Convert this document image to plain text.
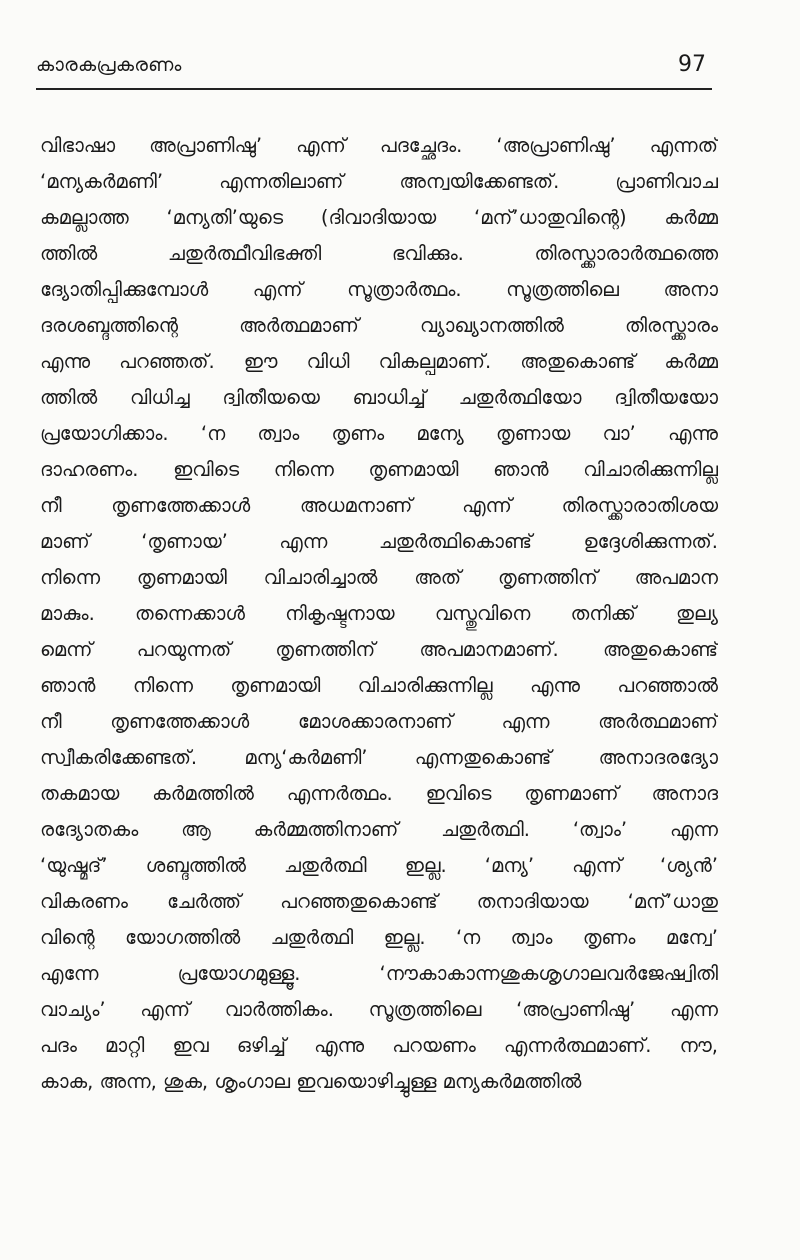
കാരകപ്രകരണം	97
വിഭാഷാ അപ്രാണിഷു’ എന്ന് പദച്ഛേദം. ‘അപ്രാണിഷു’ എന്നത്
‘മന്യകർമണി’ എന്നതിലാണ് അന്വയിക്കേണ്ടത്. പ്രാണിവാച
കമല്ലാത്ത ‘മന്യതി’യുടെ (ദിവാദിയായ ‘മന്’ധാതുവിന്റെ) കർമ്മ
ത്തിൽ ചതുർത്ഥീവിഭക്തി ഭവിക്കും. തിരസ്ക്കാരാർത്ഥത്തെ
ദ്യോതിപ്പിക്കുമ്പോൾ എന്ന് സൂത്രാർത്ഥം. സൂത്രത്തിലെ അനാ
ദരശബ്ദത്തിന്റെ അർത്ഥമാണ് വ്യാഖ്യാനത്തിൽ തിരസ്ക്കാരം
എന്നു പറഞ്ഞത്. ഈ വിധി വികല്പമാണ്. അതുകൊണ്ട് കർമ്മ
ത്തിൽ വിധിച്ച ദ്വിതീയയെ ബാധിച്ച് ചതുർത്ഥിയോ ദ്വിതീയയോ
പ്രയോഗിക്കാം. ‘ന ത്വാം തൃണം മന്യേ തൃണായ വാ’ എന്നു
ദാഹരണം. ഇവിടെ നിന്നെ തൃണമായി ഞാൻ വിചാരിക്കുന്നില്ല
നീ തൃണത്തേക്കാൾ അധമനാണ് എന്ന് തിരസ്ക്കാരാതിശയ
മാണ് ‘തൃണായ’ എന്ന ചതുർത്ഥികൊണ്ട് ഉദ്ദേശിക്കുന്നത്.
നിന്നെ തൃണമായി വിചാരിച്ചാൽ അത് തൃണത്തിന് അപമാന
മാകും. തന്നെക്കാൾ നികൃഷ്ടനായ വസ്തുവിനെ തനിക്ക് തുല്യ
മെന്ന് പറയുന്നത് തൃണത്തിന് അപമാനമാണ്. അതുകൊണ്ട്
ഞാൻ നിന്നെ തൃണമായി വിചാരിക്കുന്നില്ല എന്നു പറഞ്ഞാൽ
നീ തൃണത്തേക്കാൾ മോശക്കാരനാണ് എന്ന അർത്ഥമാണ്
സ്വീകരിക്കേണ്ടത്. മന്യ‘കർമണി’ എന്നതുകൊണ്ട് അനാദരദ്യോ
തകമായ കർമത്തിൽ എന്നർത്ഥം. ഇവിടെ തൃണമാണ് അനാദ
രദ്യോതകം ആ കർമ്മത്തിനാണ് ചതുർത്ഥി. ‘ത്വാം’ എന്ന
‘യുഷ്മദ്’ ശബ്ദത്തിൽ ചതുർത്ഥി ഇല്ല. ‘മന്യ’ എന്ന് ‘ശ്യൻ’
വികരണം ചേർത്ത് പറഞ്ഞതുകൊണ്ട് തനാദിയായ ‘മന്’ധാതു
വിന്റെ യോഗത്തിൽ ചതുർത്ഥി ഇല്ല. ‘ന ത്വാം തൃണം മന്വേ’
എന്നേ പ്രയോഗമുള്ളൂ. ‘നൗകാകാന്നശുകശൃഗാലവർജേഷ്വിതി
വാച്യം’ എന്ന് വാർത്തികം. സൂത്രത്തിലെ ‘അപ്രാണിഷു’ എന്ന
പദം മാറ്റി ഇവ ഒഴിച്ച് എന്നു പറയണം എന്നർത്ഥമാണ്. നൗ,
കാക, അന്ന, ശുക, ശൃംഗാല ഇവയൊഴിച്ചുള്ള മന്യകർമത്തിൽ
